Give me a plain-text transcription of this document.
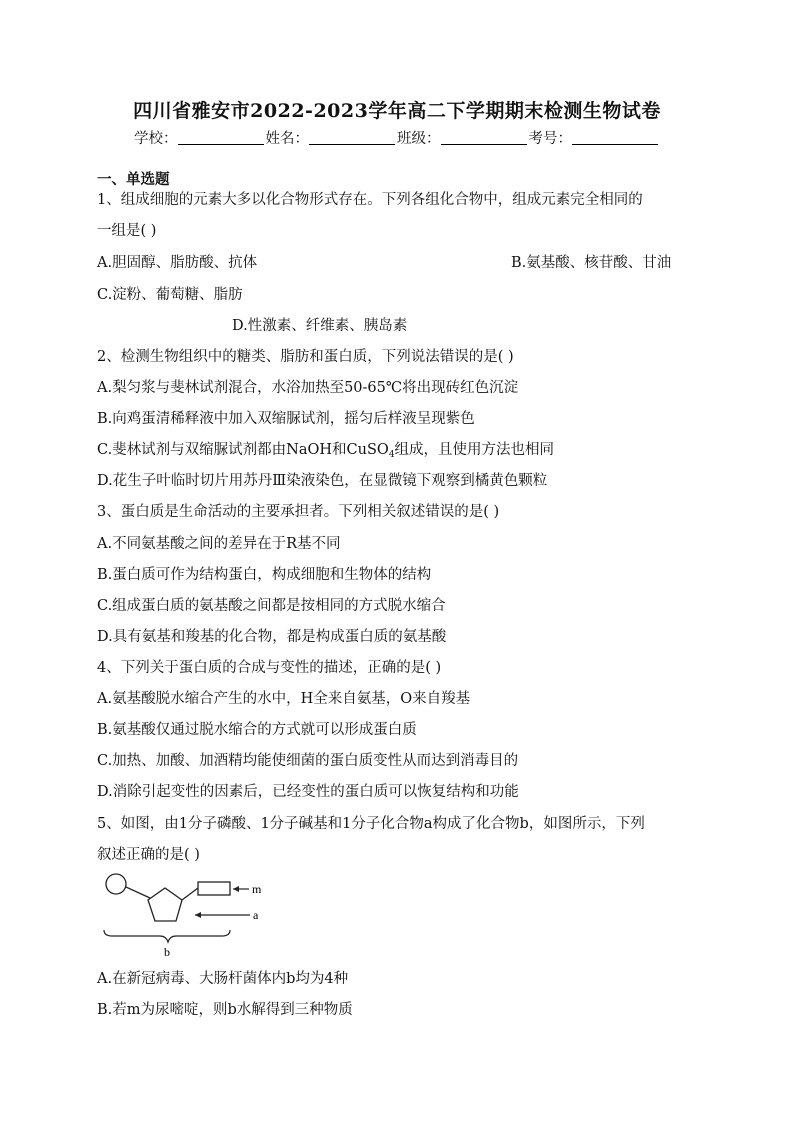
四川省雅安市2022-2023学年高二下学期期末检测生物试卷
学校：	姓名：	班级：	考号：
一、单选题
1、组成细胞的元素大多以化合物形式存在。下列各组化合物中，组成元素完全相同的
一组是( )
A.胆固醇、脂肪酸、抗体	B.氨基酸、核苷酸、甘油
C.淀粉、葡萄糖、脂肪
D.性激素、纤维素、胰岛素
2、检测生物组织中的糖类、脂肪和蛋白质，下列说法错误的是( )
A.梨匀浆与斐林试剂混合，水浴加热至50-65℃将出现砖红色沉淀
B.向鸡蛋清稀释液中加入双缩脲试剂，摇匀后样液呈现紫色
C.斐林试剂与双缩脲试剂都由NaOH和CuSO$_4$组成，且使用方法也相同
D.花生子叶临时切片用苏丹Ⅲ染液染色，在显微镜下观察到橘黄色颗粒
3、蛋白质是生命活动的主要承担者。下列相关叙述错误的是( )
A.不同氨基酸之间的差异在于R基不同
B.蛋白质可作为结构蛋白，构成细胞和生物体的结构
C.组成蛋白质的氨基酸之间都是按相同的方式脱水缩合
D.具有氨基和羧基的化合物，都是构成蛋白质的氨基酸
4、下列关于蛋白质的合成与变性的描述，正确的是( )
A.氨基酸脱水缩合产生的水中，H全来自氨基，O来自羧基
B.氨基酸仅通过脱水缩合的方式就可以形成蛋白质
C.加热、加酸、加酒精均能使细菌的蛋白质变性从而达到消毒目的
D.消除引起变性的因素后，已经变性的蛋白质可以恢复结构和功能
5、如图，由1分子磷酸、1分子碱基和1分子化合物a构成了化合物b，如图所示，下列
叙述正确的是( )
m
a
b
A.在新冠病毒、大肠杆菌体内b均为4种
B.若m为尿嘧啶，则b水解得到三种物质
